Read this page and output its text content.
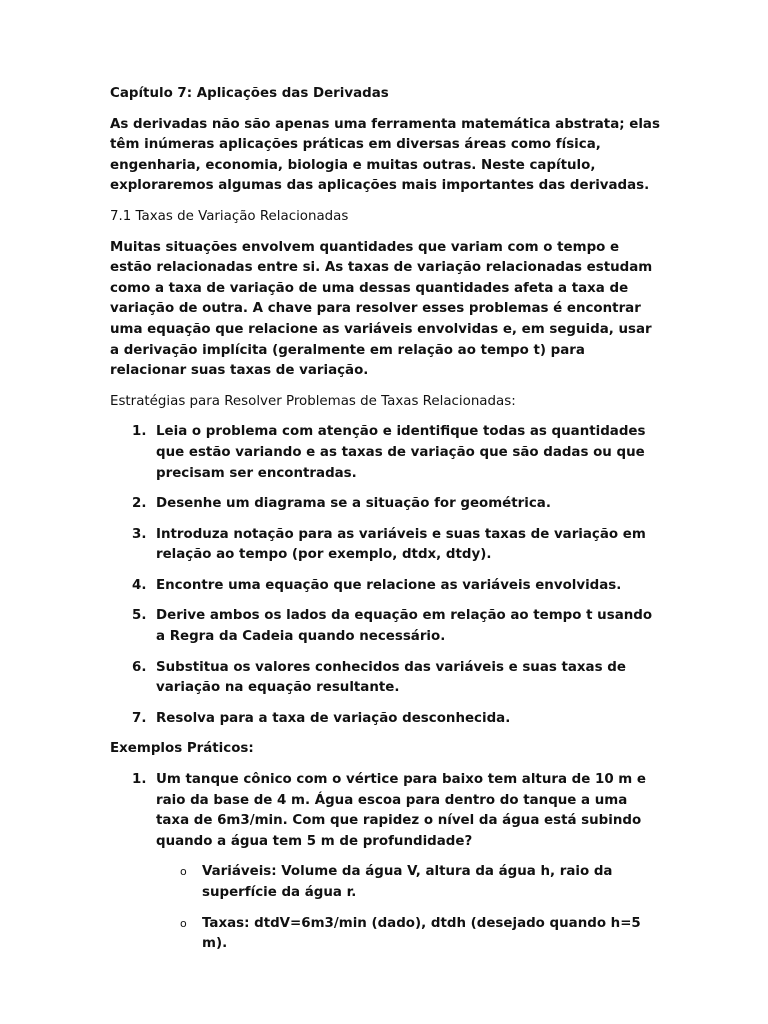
Capítulo 7: Aplicações das Derivadas

As derivadas não são apenas uma ferramenta matemática abstrata; elas têm inúmeras aplicações práticas em diversas áreas como física, engenharia, economia, biologia e muitas outras. Neste capítulo, exploraremos algumas das aplicações mais importantes das derivadas.

7.1 Taxas de Variação Relacionadas

Muitas situações envolvem quantidades que variam com o tempo e estão relacionadas entre si. As taxas de variação relacionadas estudam como a taxa de variação de uma dessas quantidades afeta a taxa de variação de outra. A chave para resolver esses problemas é encontrar uma equação que relacione as variáveis envolvidas e, em seguida, usar a derivação implícita (geralmente em relação ao tempo t) para relacionar suas taxas de variação.

Estratégias para Resolver Problemas de Taxas Relacionadas:

1. Leia o problema com atenção e identifique todas as quantidades que estão variando e as taxas de variação que são dadas ou que precisam ser encontradas.
2. Desenhe um diagrama se a situação for geométrica.
3. Introduza notação para as variáveis e suas taxas de variação em relação ao tempo (por exemplo, dtdx, dtdy).
4. Encontre uma equação que relacione as variáveis envolvidas.
5. Derive ambos os lados da equação em relação ao tempo t usando a Regra da Cadeia quando necessário.
6. Substitua os valores conhecidos das variáveis e suas taxas de variação na equação resultante.
7. Resolva para a taxa de variação desconhecida.

Exemplos Práticos:

1. Um tanque cônico com o vértice para baixo tem altura de 10 m e raio da base de 4 m. Água escoa para dentro do tanque a uma taxa de 6m3/min. Com que rapidez o nível da água está subindo quando a água tem 5 m de profundidade?
o Variáveis: Volume da água V, altura da água h, raio da superfície da água r.
o Taxas: dtdV=6m3/min (dado), dtdh (desejado quando h=5 m).
